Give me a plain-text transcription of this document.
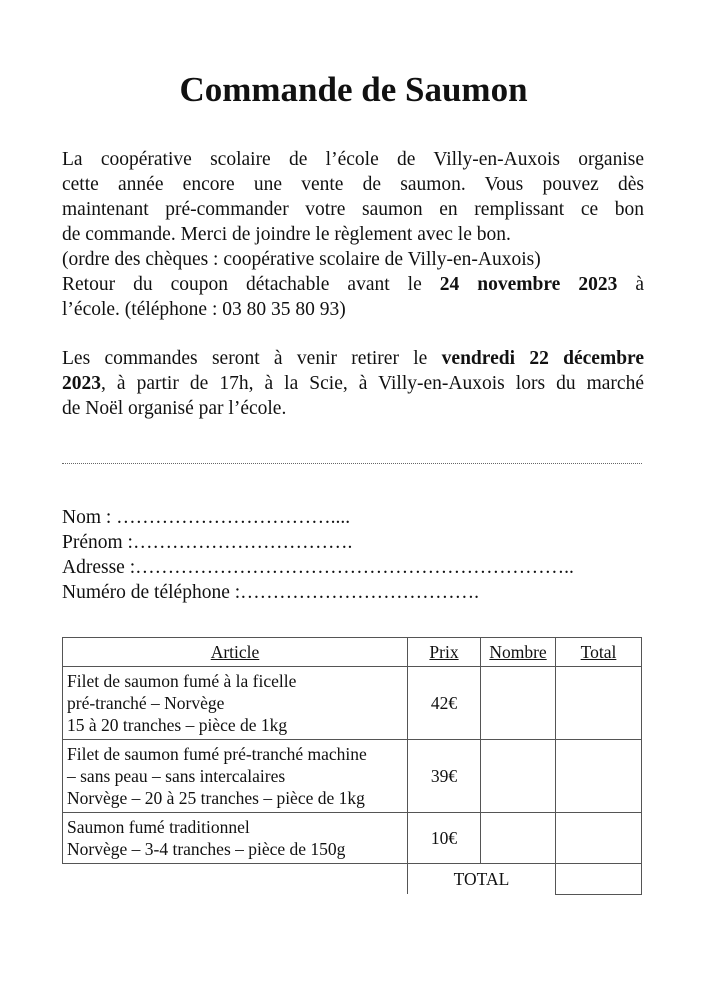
Commande de Saumon
La coopérative scolaire de l’école de Villy-en-Auxois organise
cette année encore une vente de saumon. Vous pouvez dès
maintenant pré-commander votre saumon en remplissant ce bon
de commande. Merci de joindre le règlement avec le bon.
(ordre des chèques : coopérative scolaire de Villy-en-Auxois)
Retour du coupon détachable avant le 24 novembre 2023 à
l’école. (téléphone : 03 80 35 80 93)
Les commandes seront à venir retirer le vendredi 22 décembre
2023, à partir de 17h, à la Scie, à Villy-en-Auxois lors du marché
de Noël organisé par l’école.
Nom : ……………………………....
Prénom :…………………………….
Adresse :…………………………………………………………..
Numéro de téléphone :……………………………….
Article	Prix	Nombre	Total

Filet de saumon fumé à la ficelle
pré-tranché – Norvège
15 à 20 tranches – pièce de 1kg	42€		

Filet de saumon fumé pré-tranché machine
– sans peau – sans intercalaires
Norvège – 20 à 25 tranches – pièce de 1kg	39€		

Saumon fumé traditionnel
Norvège – 3-4 tranches – pièce de 150g	10€		
	TOTAL		
